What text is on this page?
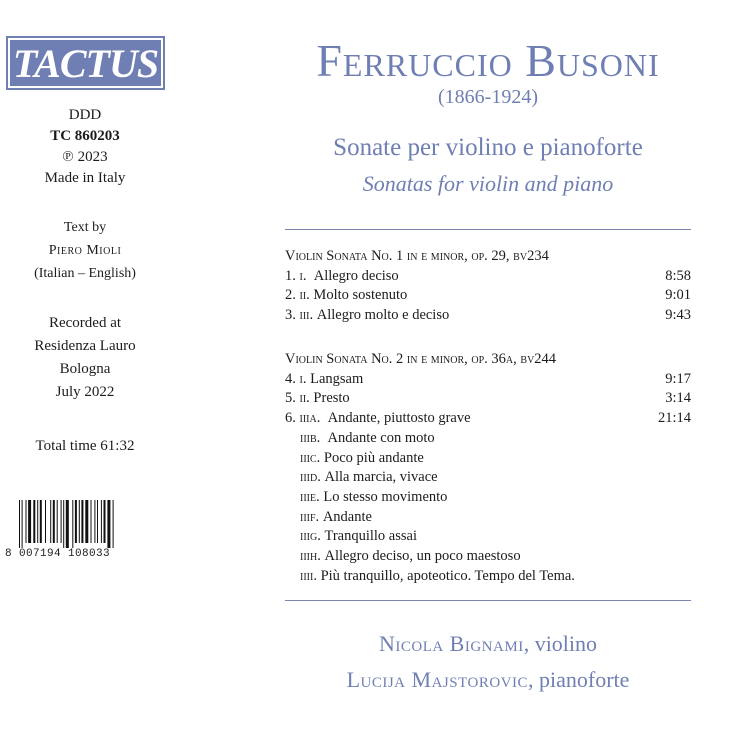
TACTUS
DDD
TC 860203
℗ 2023
Made in Italy
Text by
Piero Mioli
(Italian – English)
Recorded at
Residenza Lauro
Bologna
July 2022
Total time 61:32
8 007194 108033
Ferruccio Busoni
(1866-1924)
Sonate per violino e pianoforte
Sonatas for violin and piano
Violin Sonata No. 1 in e minor, op. 29, bv234
1. i. Allegro deciso	8:58
2. ii. Molto sostenuto	9:01
3. iii. Allegro molto e deciso	9:43
Violin Sonata No. 2 in e minor, op. 36a, bv244
4. i. Langsam	9:17
5. ii. Presto	3:14
6. iiia. Andante, piuttosto grave	21:14
iiib. Andante con moto
iiic. Poco più andante
iiid. Alla marcia, vivace
iiie. Lo stesso movimento
iiif. Andante
iiig. Tranquillo assai
iiih. Allegro deciso, un poco maestoso
iiii. Più tranquillo, apoteotico. Tempo del Tema.
Nicola Bignami, violino
Lucija Majstorovic, pianoforte
